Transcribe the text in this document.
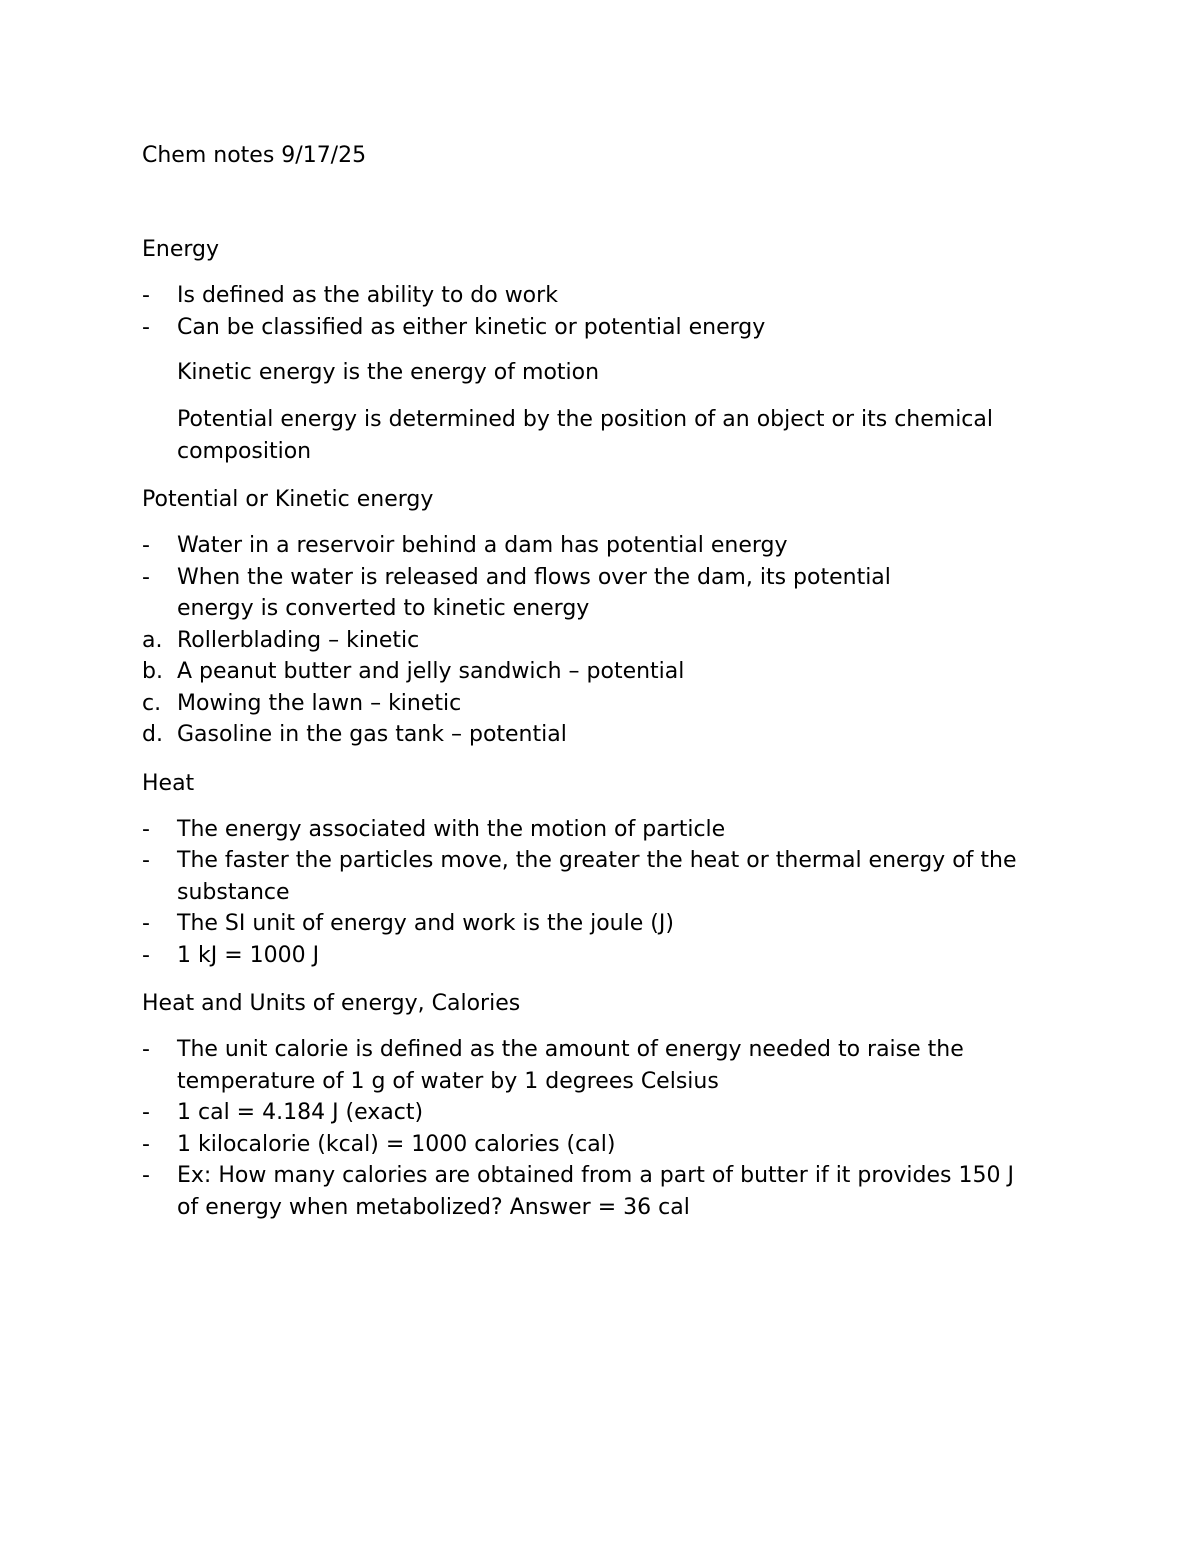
Chem notes 9/17/25
Energy
-	Is defined as the ability to do work
-	Can be classified as either kinetic or potential energy
Kinetic energy is the energy of motion
Potential energy is determined by the position of an object or its chemical composition
Potential or Kinetic energy
-	Water in a reservoir behind a dam has potential energy
-	When the water is released and flows over the dam, its potential energy is converted to kinetic energy
a. Rollerblading – kinetic
b. A peanut butter and jelly sandwich – potential
c. Mowing the lawn – kinetic
d. Gasoline in the gas tank – potential
Heat
-	The energy associated with the motion of particle
-	The faster the particles move, the greater the heat or thermal energy of the substance
-	The SI unit of energy and work is the joule (J)
-	1 kJ = 1000 J
Heat and Units of energy, Calories
-	The unit calorie is defined as the amount of energy needed to raise the temperature of 1 g of water by 1 degrees Celsius
-	1 cal = 4.184 J (exact)
-	1 kilocalorie (kcal) = 1000 calories (cal)
-	Ex: How many calories are obtained from a part of butter if it provides 150 J of energy when metabolized? Answer = 36 cal
